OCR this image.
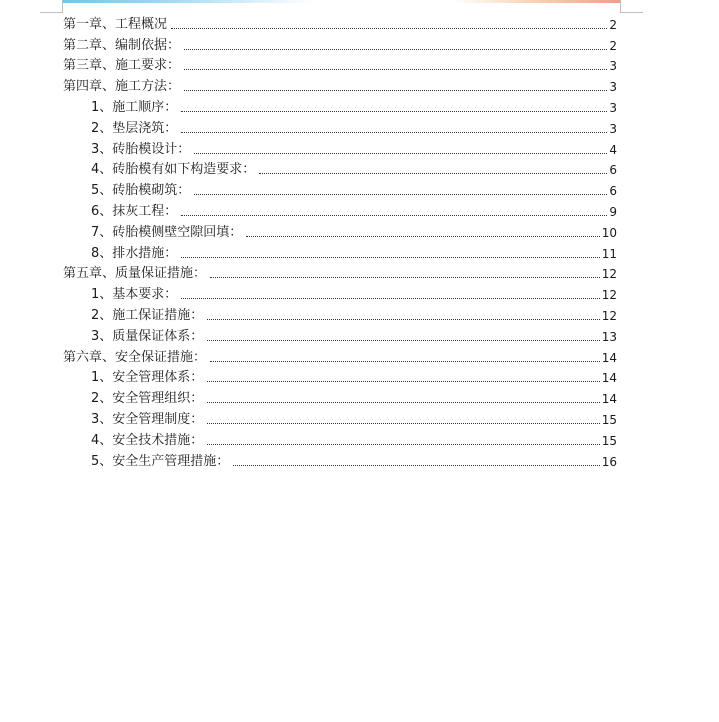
第一章、工程概况	2
第二章、编制依据：	2
第三章、施工要求：	3
第四章、施工方法：	3
1、施工顺序：	3
2、垫层浇筑：	3
3、砖胎模设计：	4
4、砖胎模有如下构造要求：	6
5、砖胎模砌筑：	6
6、抹灰工程：	9
7、砖胎模侧壁空隙回填：	10
8、排水措施：	11
第五章、质量保证措施：	12
1、基本要求：	12
2、施工保证措施：	12
3、质量保证体系：	13
第六章、安全保证措施：	14
1、安全管理体系：	14
2、安全管理组织：	14
3、安全管理制度：	15
4、安全技术措施：	15
5、安全生产管理措施：	16
